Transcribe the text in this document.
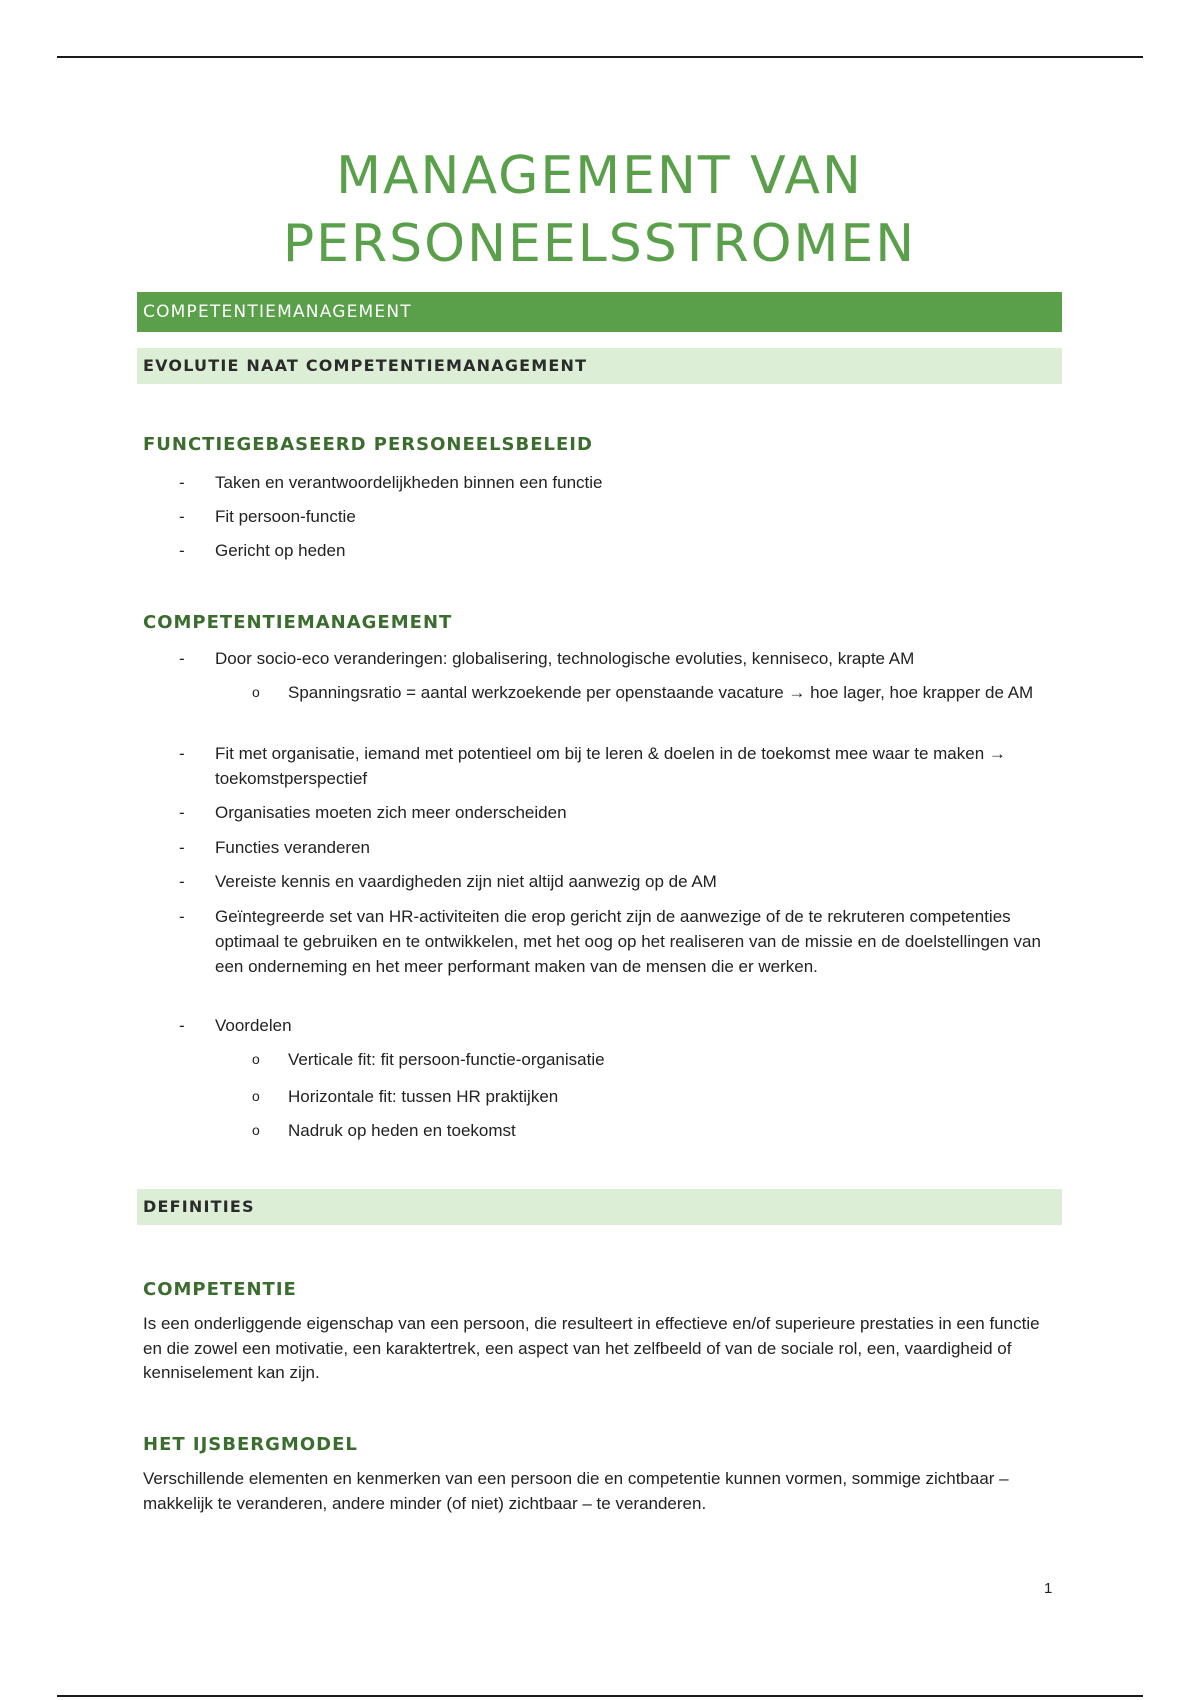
MANAGEMENT VAN
PERSONEELSSTROMEN
COMPETENTIEMANAGEMENT
EVOLUTIE NAAT COMPETENTIEMANAGEMENT
FUNCTIEGEBASEERD PERSONEELSBELEID
- Taken en verantwoordelijkheden binnen een functie
- Fit persoon-functie
- Gericht op heden
COMPETENTIEMANAGEMENT
- Door socio-eco veranderingen: globalisering, technologische evoluties, kenniseco, krapte AM
o Spanningsratio = aantal werkzoekende per openstaande vacature → hoe lager, hoe krapper de AM
- Fit met organisatie, iemand met potentieel om bij te leren & doelen in de toekomst mee waar te maken → toekomstperspectief
- Organisaties moeten zich meer onderscheiden
- Functies veranderen
- Vereiste kennis en vaardigheden zijn niet altijd aanwezig op de AM
- Geïntegreerde set van HR-activiteiten die erop gericht zijn de aanwezige of de te rekruteren competenties optimaal te gebruiken en te ontwikkelen, met het oog op het realiseren van de missie en de doelstellingen van een onderneming en het meer performant maken van de mensen die er werken.
- Voordelen
o Verticale fit: fit persoon-functie-organisatie
o Horizontale fit: tussen HR praktijken
o Nadruk op heden en toekomst
DEFINITIES
COMPETENTIE
Is een onderliggende eigenschap van een persoon, die resulteert in effectieve en/of superieure prestaties in een functie en die zowel een motivatie, een karaktertrek, een aspect van het zelfbeeld of van de sociale rol, een, vaardigheid of kenniselement kan zijn.
HET IJSBERGMODEL
Verschillende elementen en kenmerken van een persoon die en competentie kunnen vormen, sommige zichtbaar – makkelijk te veranderen, andere minder (of niet) zichtbaar – te veranderen.
1
